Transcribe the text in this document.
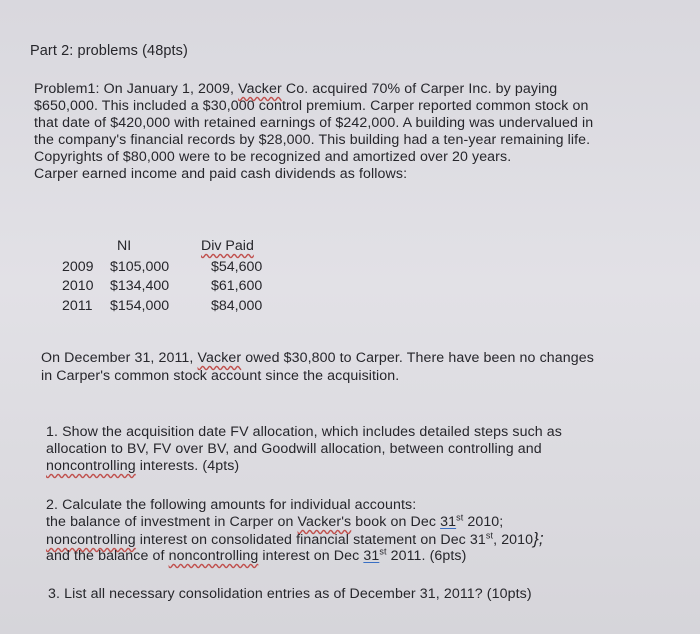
Part 2: problems (48pts)
Problem1: On January 1, 2009, Vacker Co. acquired 70% of Carper Inc. by paying
$650,000. This included a $30,000 control premium. Carper reported common stock on
that date of $420,000 with retained earnings of $242,000. A building was undervalued in
the company's financial records by $28,000. This building had a ten-year remaining life.
Copyrights of $80,000 were to be recognized and amortized over 20 years.
Carper earned income and paid cash dividends as follows:
NI	Div Paid
2009 $105,000	$54,600
2010 $134,400	$61,600
2011 $154,000	$84,000
On December 31, 2011, Vacker owed $30,800 to Carper. There have been no changes
in Carper's common stock account since the acquisition.
1. Show the acquisition date FV allocation, which includes detailed steps such as
allocation to BV, FV over BV, and Goodwill allocation, between controlling and
noncontrolling interests. (4pts)
2. Calculate the following amounts for individual accounts:
the balance of investment in Carper on Vacker's book on Dec 31st 2010;
noncontrolling interest on consolidated financial statement on Dec 31st, 2010};
and the balance of noncontrolling interest on Dec 31st 2011. (6pts)
3. List all necessary consolidation entries as of December 31, 2011? (10pts)
